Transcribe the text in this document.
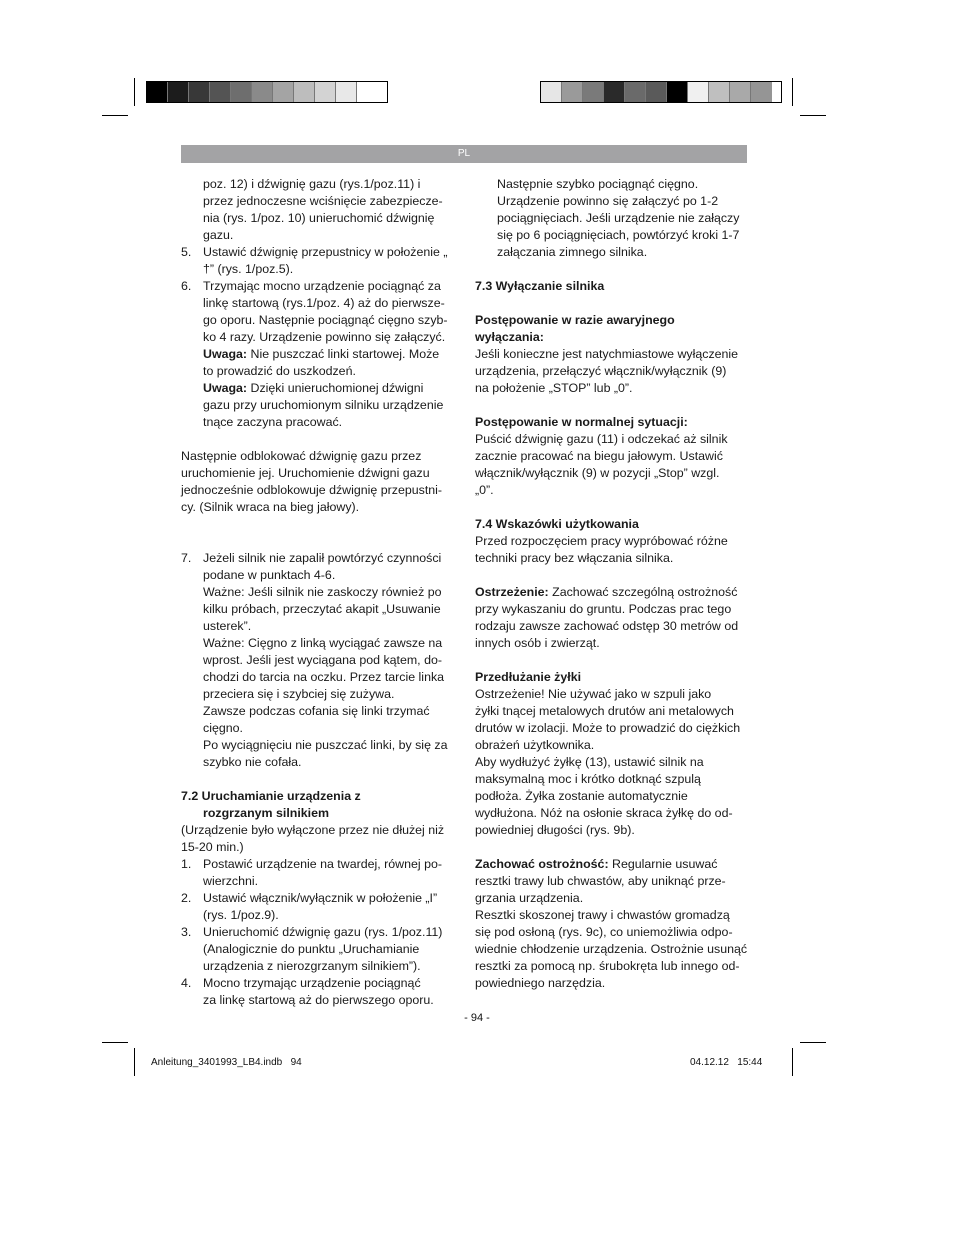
PL

poz. 12) i dźwignię gazu (rys.1/poz.11) i

przez jednoczesne wciśnięcie zabezpiecze-

nia (rys. 1/poz. 10) unieruchomić dźwignię

gazu.

5. Ustawić dźwignię przepustnicy w położenie „

†” (rys. 1/poz.5).

6. Trzymając mocno urządzenie pociągnąć za

linkę startową (rys.1/poz. 4) aż do pierwsze-

go oporu. Następnie pociągnąć cięgno szyb-

ko 4 razy. Urządzenie powinno się załączyć.

Uwaga: Nie puszczać linki startowej. Może

to prowadzić do uszkodzeń.

Uwaga: Dzięki unieruchomionej dźwigni

gazu przy uruchomionym silniku urządzenie

tnące zaczyna pracować.

Następnie odblokować dźwignię gazu przez

uruchomienie jej. Uruchomienie dźwigni gazu

jednocześnie odblokowuje dźwignię przepustni-

cy. (Silnik wraca na bieg jałowy).

7. Jeżeli silnik nie zapalił powtórzyć czynności

podane w punktach 4-6.

Ważne: Jeśli silnik nie zaskoczy również po

kilku próbach, przeczytać akapit „Usuwanie

usterek”.

Ważne: Cięgno z linką wyciągać zawsze na

wprost. Jeśli jest wyciągana pod kątem, do-

chodzi do tarcia na oczku. Przez tarcie linka

przeciera się i szybciej się zużywa.

Zawsze podczas cofania się linki trzymać

cięgno.

Po wyciągnięciu nie puszczać linki, by się za

szybko nie cofała.

7.2 Uruchamianie urządzenia z

rozgrzanym silnikiem

(Urządzenie było wyłączone przez nie dłużej niż

15-20 min.)

1. Postawić urządzenie na twardej, równej po-

wierzchni.

2. Ustawić włącznik/wyłącznik w położenie „I”

(rys. 1/poz.9).

3. Unieruchomić dźwignię gazu (rys. 1/poz.11)

(Analogicznie do punktu „Uruchamianie

urządzenia z nierozgrzanym silnikiem”).

4. Mocno trzymając urządzenie pociągnąć

za linkę startową aż do pierwszego oporu.

Następnie szybko pociągnąć cięgno.

Urządzenie powinno się załączyć po 1-2

pociągnięciach. Jeśli urządzenie nie załączy

się po 6 pociągnięciach, powtórzyć kroki 1-7

załączania zimnego silnika.

7.3 Wyłączanie silnika

Postępowanie w razie awaryjnego

wyłączania:

Jeśli konieczne jest natychmiastowe wyłączenie

urządzenia, przełączyć włącznik/wyłącznik (9)

na położenie „STOP” lub „0”.

Postępowanie w normalnej sytuacji:

Puścić dźwignię gazu (11) i odczekać aż silnik

zacznie pracować na biegu jałowym. Ustawić

włącznik/wyłącznik (9) w pozycji „Stop” wzgl.

„0”.

7.4 Wskazówki użytkowania

Przed rozpoczęciem pracy wypróbować różne

techniki pracy bez włączania silnika.

Ostrzeżenie: Zachować szczególną ostrożność

przy wykaszaniu do gruntu. Podczas prac tego

rodzaju zawsze zachować odstęp 30 metrów od

innych osób i zwierząt.

Przedłużanie żyłki

Ostrzeżenie! Nie używać jako w szpuli jako

żyłki tnącej metalowych drutów ani metalowych

drutów w izolacji. Może to prowadzić do ciężkich

obrażeń użytkownika.

Aby wydłużyć żyłkę (13), ustawić silnik na

maksymalną moc i krótko dotknąć szpulą

podłoża. Żyłka zostanie automatycznie

wydłużona. Nóż na osłonie skraca żyłkę do od-

powiedniej długości (rys. 9b).

Zachować ostrożność: Regularnie usuwać

resztki trawy lub chwastów, aby uniknąć prze-

grzania urządzenia.

Resztki skoszonej trawy i chwastów gromadzą

się pod osłoną (rys. 9c), co uniemożliwia odpo-

wiednie chłodzenie urządzenia. Ostrożnie usunąć

resztki za pomocą np. śrubokręta lub innego od-

powiedniego narzędzia.

- 94 -
Anleitung_3401993_LB4.indb   94	04.12.12   15:44
